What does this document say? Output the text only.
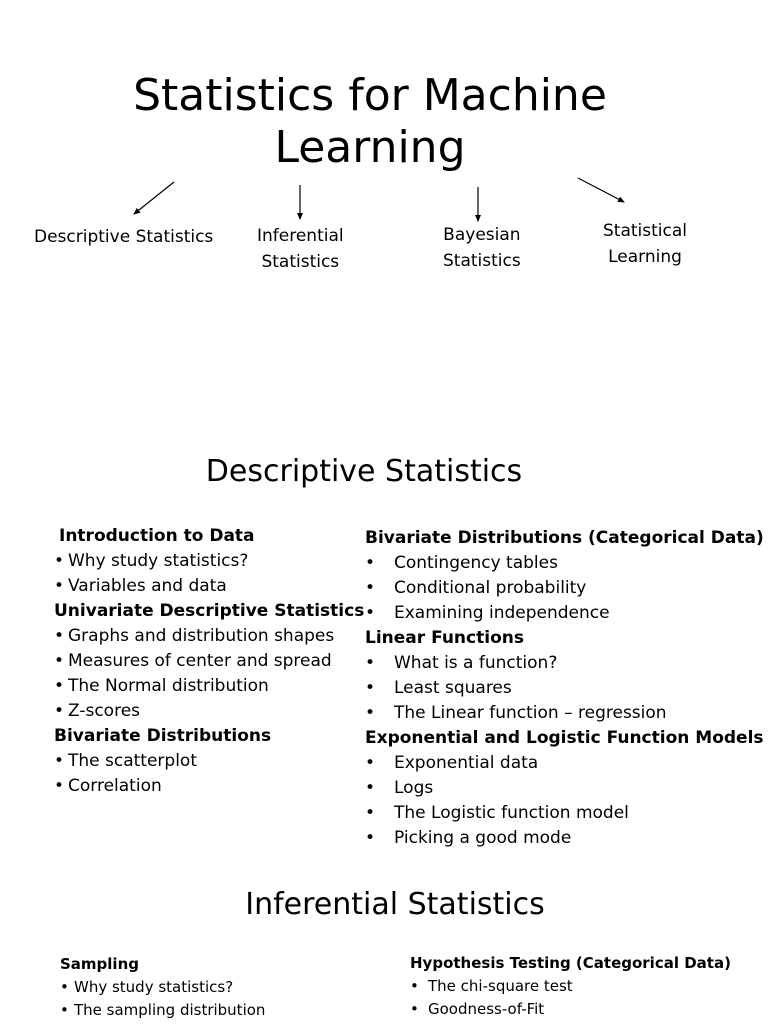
Statistics for Machine
Learning
Descriptive Statistics	Inferential
Statistics
Bayesian
Statistics
Statistical
Learning
Descriptive Statistics
Introduction to Data
• Why study statistics?
• Variables and data
Univariate Descriptive Statistics
• Graphs and distribution shapes
• Measures of center and spread
• The Normal distribution
• Z-scores
Bivariate Distributions
• The scatterplot
• Correlation
Bivariate Distributions (Categorical Data)
•	Contingency tables
•	Conditional probability
•	Examining independence
Linear Functions
•	What is a function?
•	Least squares
•	The Linear function – regression
Exponential and Logistic Function Models
•	Exponential data
•	Logs
•	The Logistic function model
•	Picking a good mode
Inferential Statistics
Sampling
• Why study statistics?
• The sampling distribution
Hypothesis Testing (Categorical Data)
• The chi-square test
• Goodness-of-Fit
